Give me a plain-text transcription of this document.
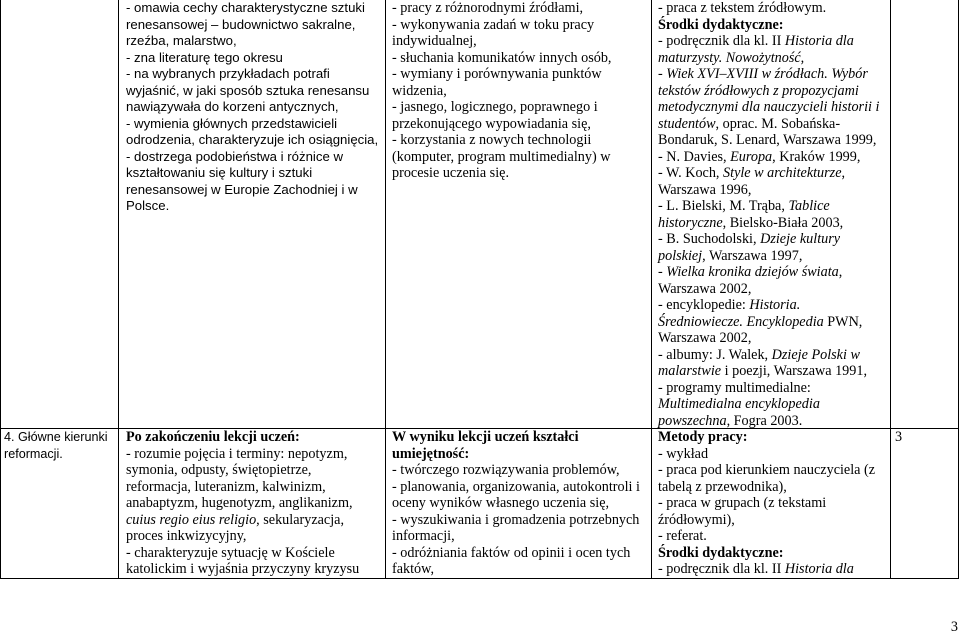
- omawia cechy charakterystyczne sztuki
renesansowej – budownictwo sakralne,
rzeźba, malarstwo,
- zna literaturę tego okresu
- na wybranych przykładach potrafi
wyjaśnić, w jaki sposób sztuka renesansu
nawiązywała do korzeni antycznych,
- wymienia głównych przedstawicieli
odrodzenia, charakteryzuje ich osiągnięcia,
- dostrzega podobieństwa i różnice w
kształtowaniu się kultury i sztuki
renesansowej w Europie Zachodniej i w
Polsce.
- pracy z różnorodnymi źródłami,
- wykonywania zadań w toku pracy
indywidualnej,
- słuchania komunikatów innych osób,
- wymiany i porównywania punktów
widzenia,
- jasnego, logicznego, poprawnego i
przekonującego wypowiadania się,
- korzystania z nowych technologii
(komputer, program multimedialny) w
procesie uczenia się.
- praca z tekstem źródłowym.
Środki dydaktyczne:
- podręcznik dla kl. II Historia dla
maturzysty. Nowożytność,
- Wiek XVI–XVIII w źródłach. Wybór
tekstów źródłowych z propozycjami
metodycznymi dla nauczycieli historii i
studentów, oprac. M. Sobańska-
Bondaruk, S. Lenard, Warszawa 1999,
- N. Davies, Europa, Kraków 1999,
- W. Koch, Style w architekturze,
Warszawa 1996,
- L. Bielski, M. Trąba, Tablice
historyczne, Bielsko-Biała 2003,
- B. Suchodolski, Dzieje kultury
polskiej, Warszawa 1997,
- Wielka kronika dziejów świata,
Warszawa 2002,
- encyklopedie: Historia.
Średniowiecze. Encyklopedia PWN,
Warszawa 2002,
- albumy: J. Walek, Dzieje Polski w
malarstwie i poezji, Warszawa 1991,
- programy multimedialne:
Multimedialna encyklopedia
powszechna, Fogra 2003.
4. Główne kierunki
reformacji.
Po zakończeniu lekcji uczeń:
- rozumie pojęcia i terminy: nepotyzm,
symonia, odpusty, świętopietrze,
reformacja, luteranizm, kalwinizm,
anabaptyzm, hugenotyzm, anglikanizm,
cuius regio eius religio, sekularyzacja,
proces inkwizycyjny,
- charakteryzuje sytuację w Kościele
katolickim i wyjaśnia przyczyny kryzysu
W wyniku lekcji uczeń kształci
umiejętność:
- twórczego rozwiązywania problemów,
- planowania, organizowania, autokontroli i
oceny wyników własnego uczenia się,
- wyszukiwania i gromadzenia potrzebnych
informacji,
- odróżniania faktów od opinii i ocen tych
faktów,
Metody pracy:
- wykład
- praca pod kierunkiem nauczyciela (z
tabelą z przewodnika),
- praca w grupach (z tekstami
źródłowymi),
- referat.
Środki dydaktyczne:
- podręcznik dla kl. II Historia dla
3
3
